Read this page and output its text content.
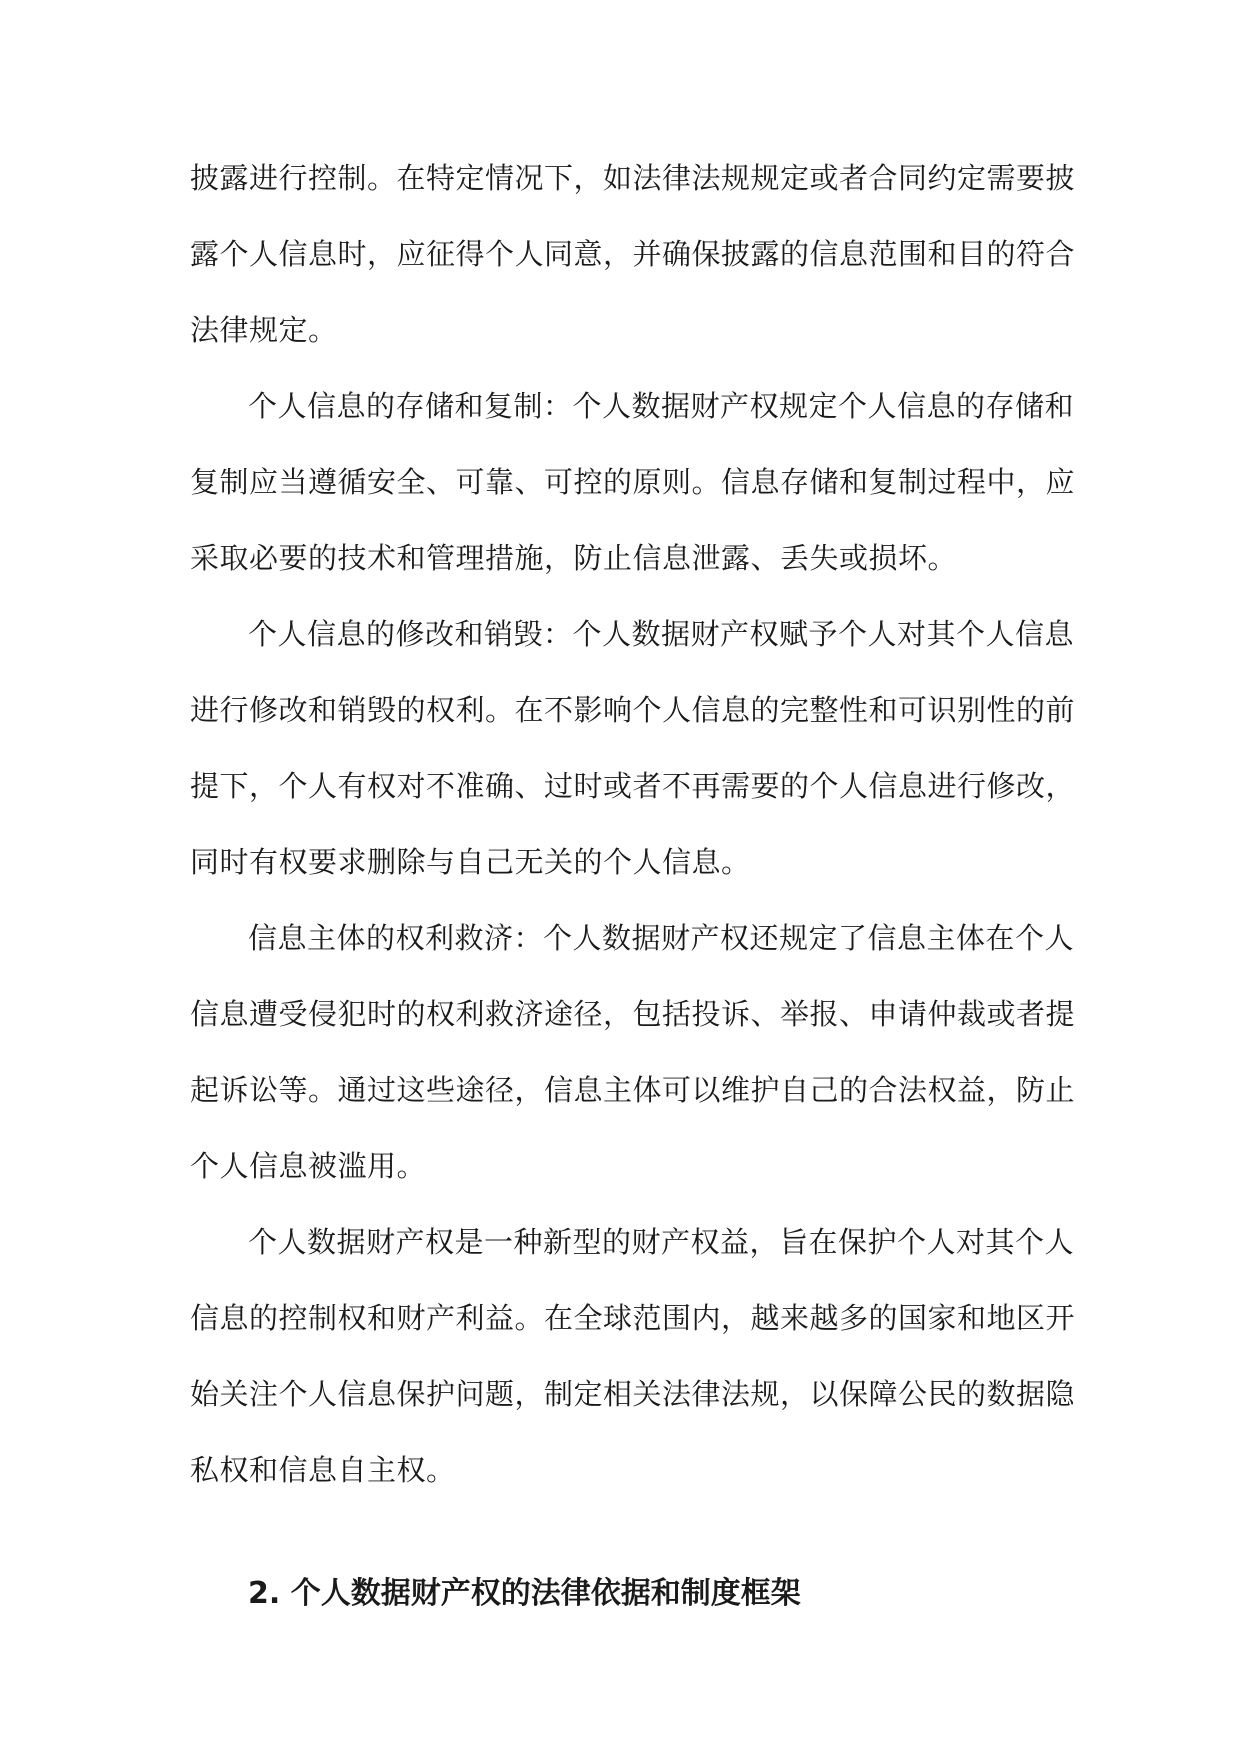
披露进行控制。在特定情况下，如法律法规规定或者合同约定需要披
露个人信息时，应征得个人同意，并确保披露的信息范围和目的符合
法律规定。
个人信息的存储和复制：个人数据财产权规定个人信息的存储和
复制应当遵循安全、可靠、可控的原则。信息存储和复制过程中，应
采取必要的技术和管理措施，防止信息泄露、丢失或损坏。
个人信息的修改和销毁：个人数据财产权赋予个人对其个人信息
进行修改和销毁的权利。在不影响个人信息的完整性和可识别性的前
提下，个人有权对不准确、过时或者不再需要的个人信息进行修改，
同时有权要求删除与自己无关的个人信息。
信息主体的权利救济：个人数据财产权还规定了信息主体在个人
信息遭受侵犯时的权利救济途径，包括投诉、举报、申请仲裁或者提
起诉讼等。通过这些途径，信息主体可以维护自己的合法权益，防止
个人信息被滥用。
个人数据财产权是一种新型的财产权益，旨在保护个人对其个人
信息的控制权和财产利益。在全球范围内，越来越多的国家和地区开
始关注个人信息保护问题，制定相关法律法规，以保障公民的数据隐
私权和信息自主权。
2. 个人数据财产权的法律依据和制度框架
